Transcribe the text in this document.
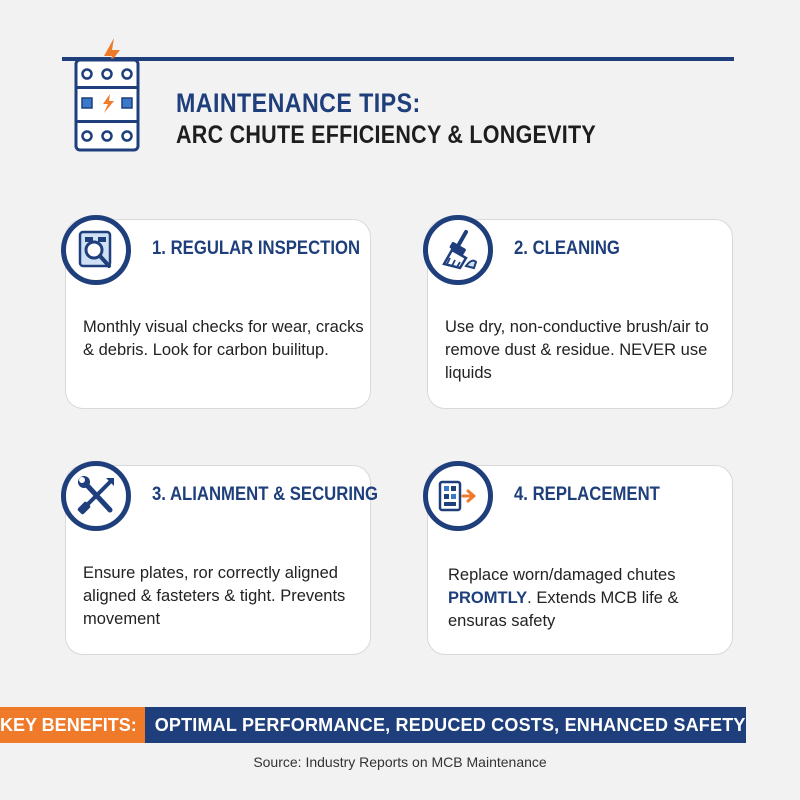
MAINTENANCE TIPS:
ARC CHUTE EFFICIENCY & LONGEVITY
1. REGULAR INSPECTION
Monthly visual checks for wear, cracks & debris. Look for carbon builitup.
2. CLEANING
Use dry, non-conductive brush/air to remove dust & residue. NEVER use liquids
3. ALIANMENT & SECURING
Ensure plates, ror correctly aligned aligned & fasteters & tight. Prevents movement
4. REPLACEMENT
Replace worn/damaged chutes PROMTLY. Extends MCB life & ensuras safety
KEY BENEFITS:	OPTIMAL PERFORMANCE, REDUCED COSTS, ENHANCED SAFETY
Source: Industry Reports on MCB Maintenance
